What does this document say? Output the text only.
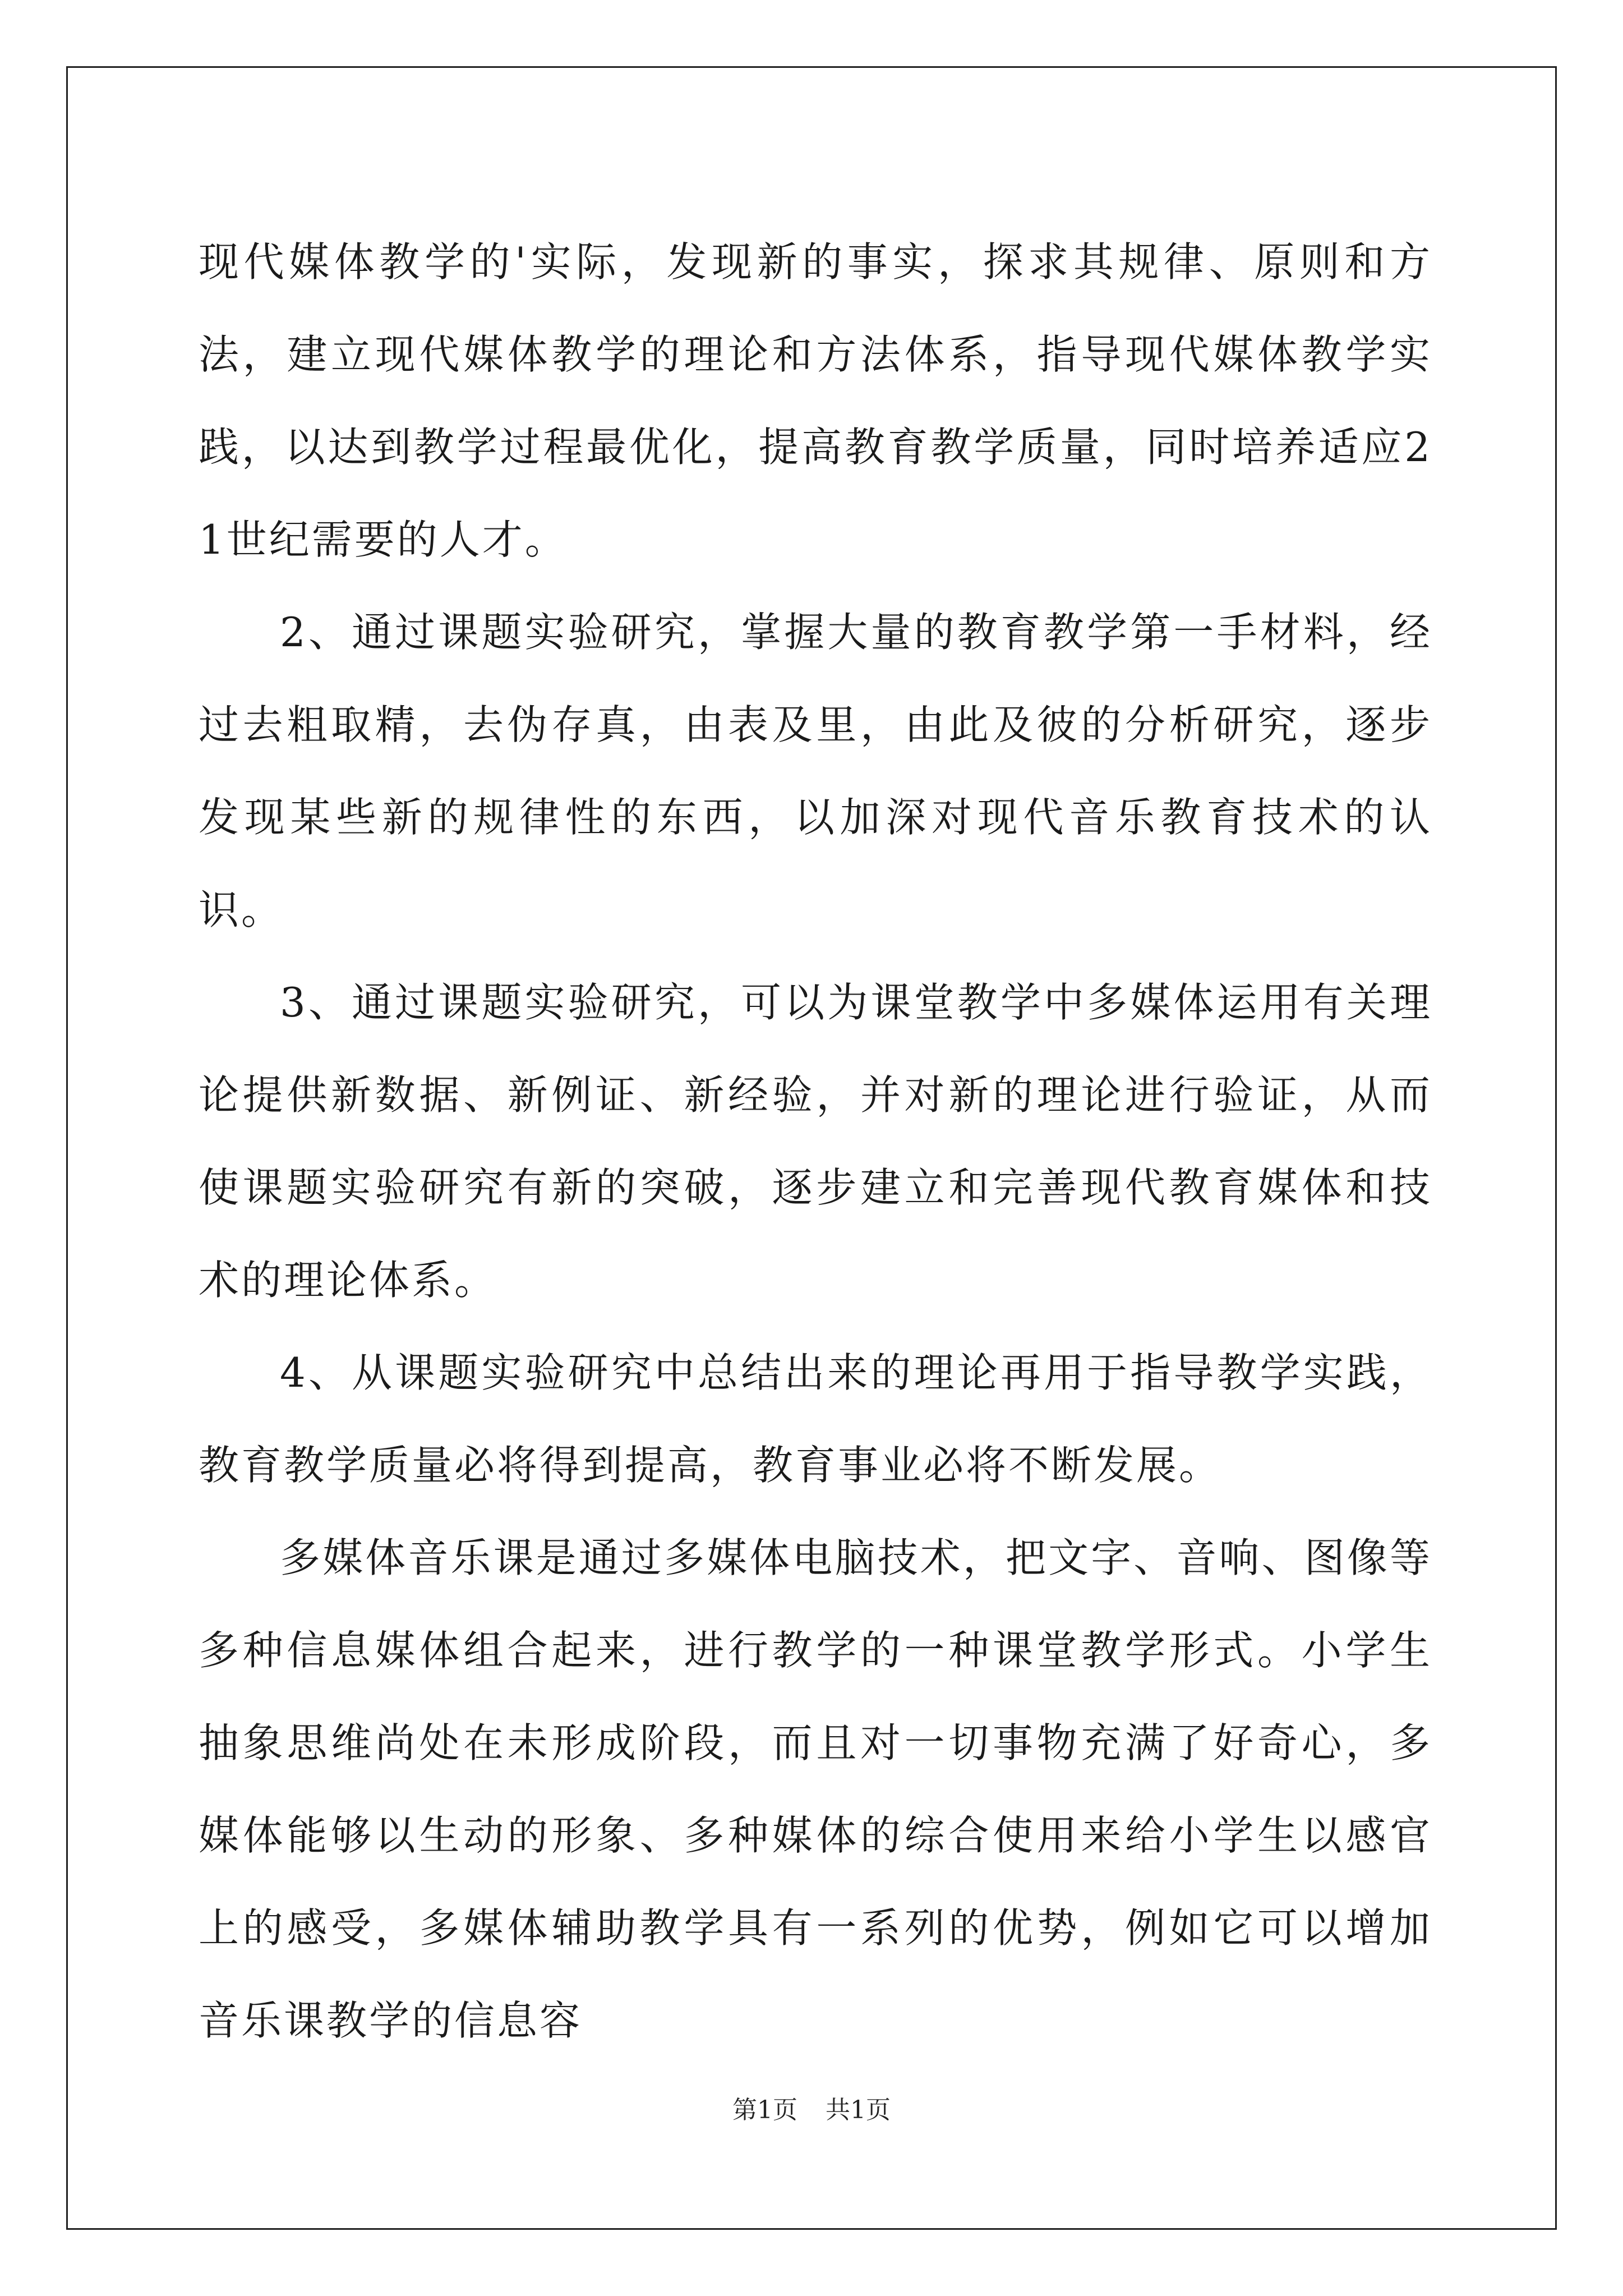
现代媒体教学的'实际，发现新的事实，探求其规律、原则和方法，建立现代媒体教学的理论和方法体系，指导现代媒体教学实践，以达到教学过程最优化，提高教育教学质量，同时培养适应21世纪需要的人才。

2、通过课题实验研究，掌握大量的教育教学第一手材料，经过去粗取精，去伪存真，由表及里，由此及彼的分析研究，逐步发现某些新的规律性的东西，以加深对现代音乐教育技术的认识。

3、通过课题实验研究，可以为课堂教学中多媒体运用有关理论提供新数据、新例证、新经验，并对新的理论进行验证，从而使课题实验研究有新的突破，逐步建立和完善现代教育媒体和技术的理论体系。

4、从课题实验研究中总结出来的理论再用于指导教学实践，教育教学质量必将得到提高，教育事业必将不断发展。

多媒体音乐课是通过多媒体电脑技术，把文字、音响、图像等多种信息媒体组合起来，进行教学的一种课堂教学形式。小学生抽象思维尚处在未形成阶段，而且对一切事物充满了好奇心，多媒体能够以生动的形象、多种媒体的综合使用来给小学生以感官上的感受，多媒体辅助教学具有一系列的优势，例如它可以增加音乐课教学的信息容

第1页 共1页
